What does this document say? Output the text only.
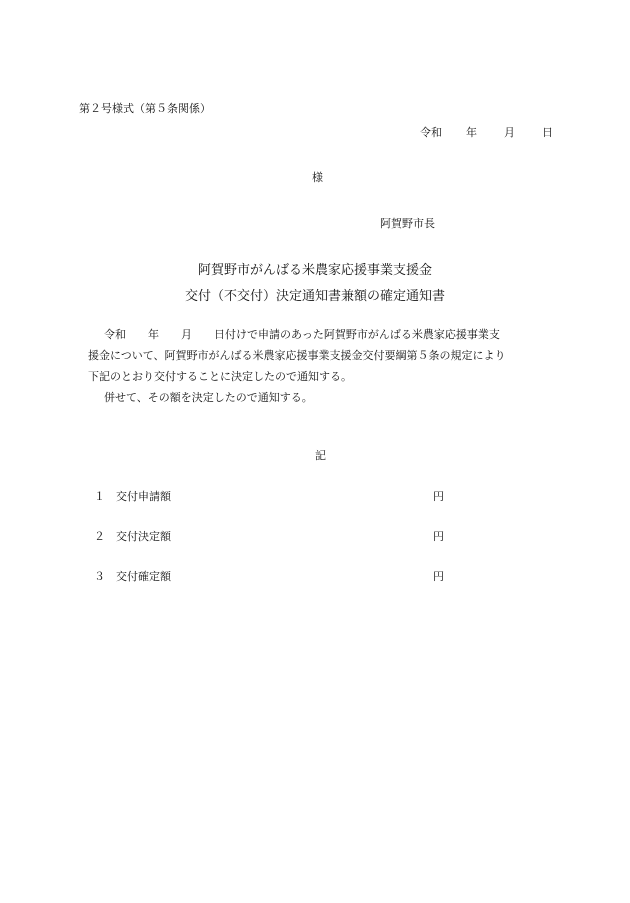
第２号様式（第５条関係）
令和 年 月 日
様
阿賀野市長
阿賀野市がんばる米農家応援事業支援金
交付（不交付）決定通知書兼額の確定通知書
令和　　年　　月　　日付けで申請のあった阿賀野市がんばる米農家応援事業支
援金について、阿賀野市がんばる米農家応援事業支援金交付要綱第５条の規定により
下記のとおり交付することに決定したので通知する。
併せて、その額を決定したので通知する。
記
１ 交付申請額	円
２ 交付決定額	円
３ 交付確定額	円
